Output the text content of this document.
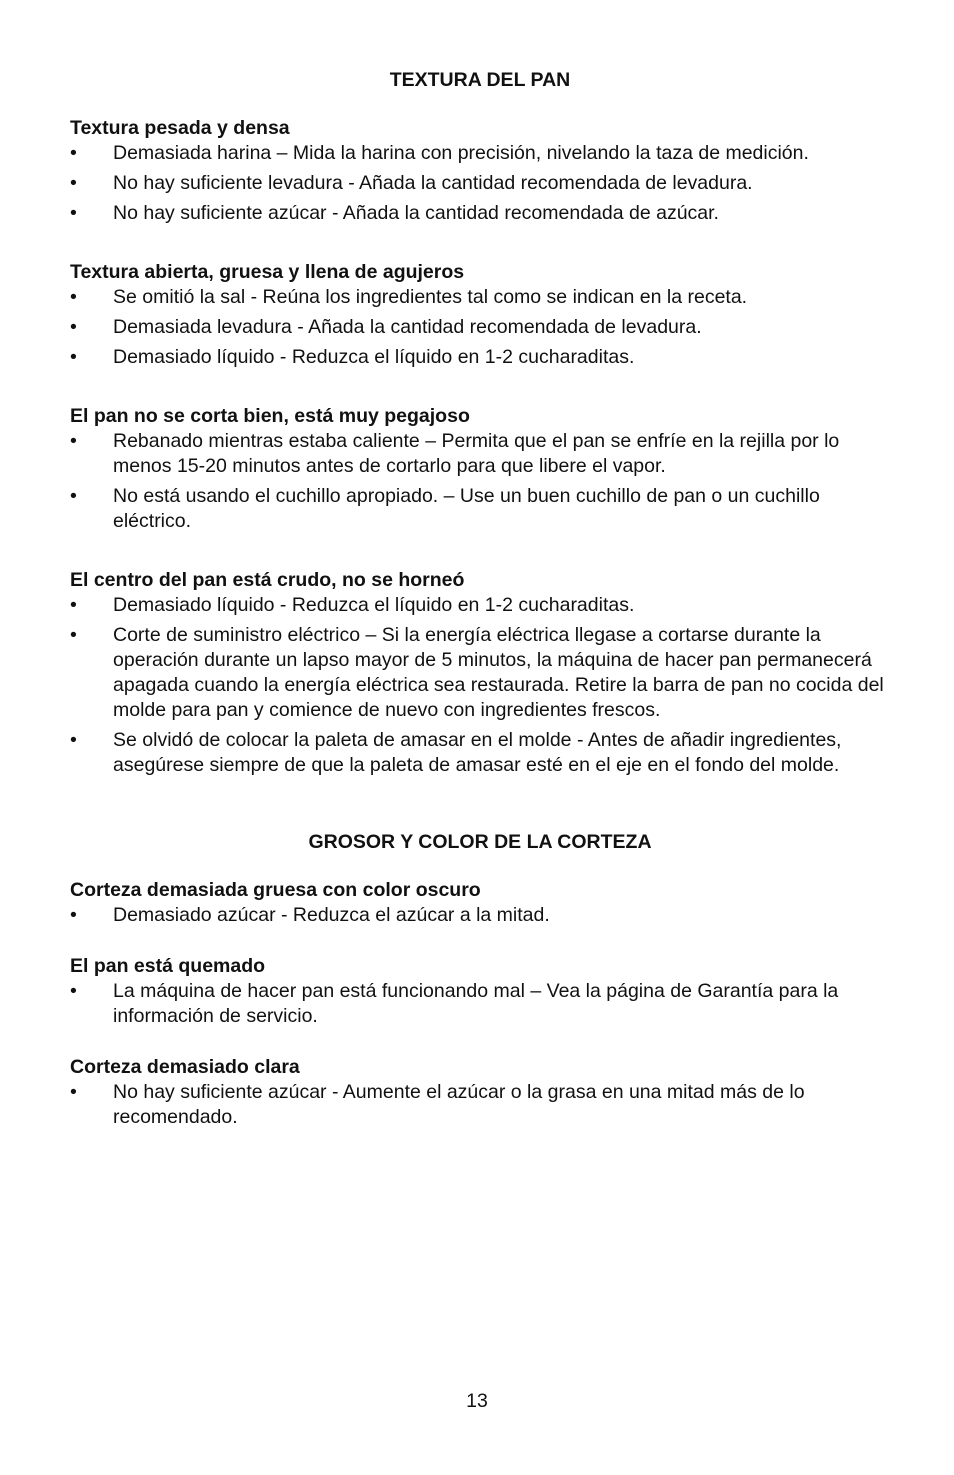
TEXTURA DEL PAN
Textura pesada y densa
•	Demasiada harina – Mida la harina con precisión, nivelando la taza de medición.
•	No hay suficiente levadura - Añada la cantidad recomendada de levadura.
•	No hay suficiente azúcar - Añada la cantidad recomendada de azúcar.
Textura abierta, gruesa y llena de agujeros
•	Se omitió la sal - Reúna los ingredientes tal como se indican en la receta.
•	Demasiada levadura - Añada la cantidad recomendada de levadura.
•	Demasiado líquido - Reduzca el líquido en 1-2 cucharaditas.
El pan no se corta bien, está muy pegajoso
•	Rebanado mientras estaba caliente – Permita que el pan se enfríe en la rejilla por lo menos 15-20 minutos antes de cortarlo para que libere el vapor.
•	No está usando el cuchillo apropiado. – Use un buen cuchillo de pan o un cuchillo eléctrico.
El centro del pan está crudo, no se horneó
•	Demasiado líquido - Reduzca el líquido en 1-2 cucharaditas.
•	Corte de suministro eléctrico – Si la energía eléctrica llegase a cortarse durante la operación durante un lapso mayor de 5 minutos, la máquina de hacer pan permanecerá apagada cuando la energía eléctrica sea restaurada. Retire la barra de pan no cocida del molde para pan y comience de nuevo con ingredientes frescos.
•	Se olvidó de colocar la paleta de amasar en el molde - Antes de añadir ingredientes, asegúrese siempre de que la paleta de amasar esté en el eje en el fondo del molde.
GROSOR Y COLOR DE LA CORTEZA
Corteza demasiada gruesa con color oscuro
•	Demasiado azúcar - Reduzca el azúcar a la mitad.
El pan está quemado
•	La máquina de hacer pan está funcionando mal – Vea la página de Garantía para la información de servicio.
Corteza demasiado clara
•	No hay suficiente azúcar - Aumente el azúcar o la grasa en una mitad más de lo recomendado.
13
